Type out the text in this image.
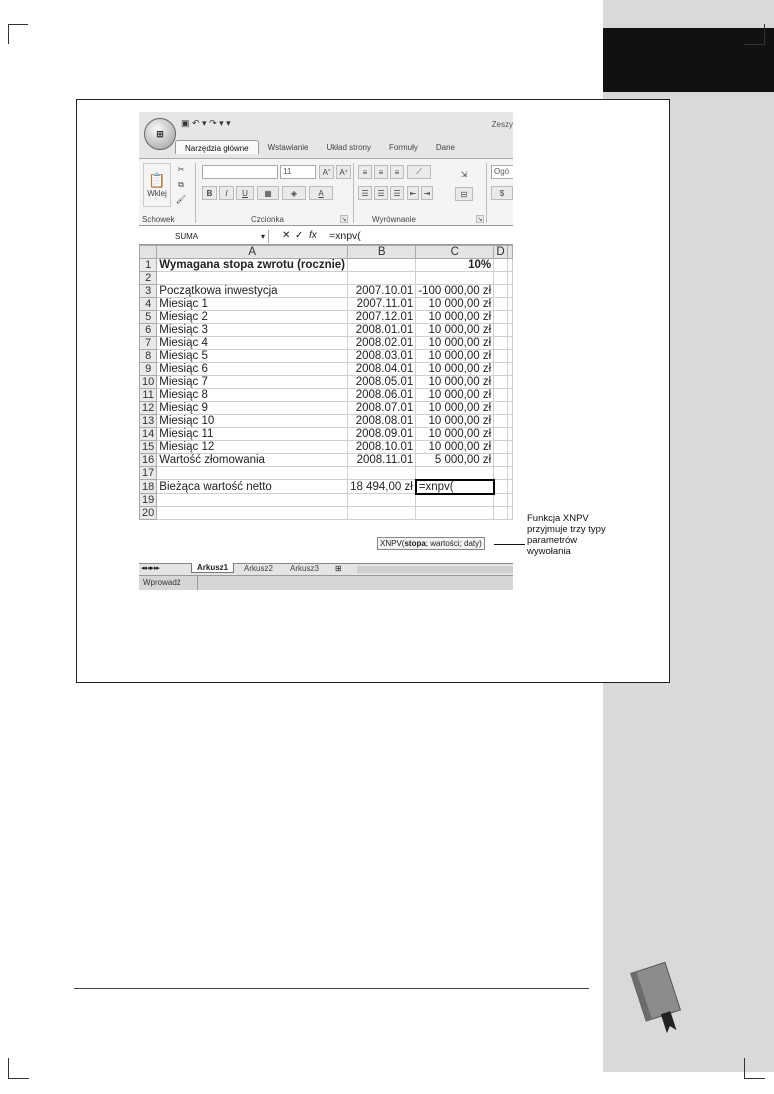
⊞
▣ ↶ ▾ ↷ ▾ ▾	Zeszy
Narzędzia główne	Wstawianie	Układ strony	Formuły	Dane
📋
Wklej
✂
⧉
🖌
Schowek
11	A ^	A ˅
B	I	U	▦ ◈	A
Czcionka	↘
≡ ≡ ≡ ⟋
☰ ☰ ☰ ⇤ ⇥
Wyrównanie	↘
⇲
⊟
Ogó
$
SUMA	▾ ✕ ✓ fx =xnpv(
	A	B	C	D	
1	Wymagana stopa zwrotu (rocznie)		10%		
2					
3	Początkowa inwestycja	2007.10.01	-100 000,00 zł		
4	Miesiąc 1	2007.11.01	10 000,00 zł		
5	Miesiąc 2	2007.12.01	10 000,00 zł		
6	Miesiąc 3	2008.01.01	10 000,00 zł		
7	Miesiąc 4	2008.02.01	10 000,00 zł		
8	Miesiąc 5	2008.03.01	10 000,00 zł		
9	Miesiąc 6	2008.04.01	10 000,00 zł		
10	Miesiąc 7	2008.05.01	10 000,00 zł		
11	Miesiąc 8	2008.06.01	10 000,00 zł		
12	Miesiąc 9	2008.07.01	10 000,00 zł		
13	Miesiąc 10	2008.08.01	10 000,00 zł		
14	Miesiąc 11	2008.09.01	10 000,00 zł		
15	Miesiąc 12	2008.10.01	10 000,00 zł		
16	Wartość złomowania	2008.11.01	5 000,00 zł		
17					
18	Bieżąca wartość netto	18 494,00 zł	=xnpv(		
19					
20					
XNPV(stopa; wartości; daty)
◂◂ ◂ ▸ ▸▸	Arkusz1	Arkusz2	Arkusz3	⊞
Wprowadź
Funkcja XNPV przyjmuje trzy typy parametrów wywołania
